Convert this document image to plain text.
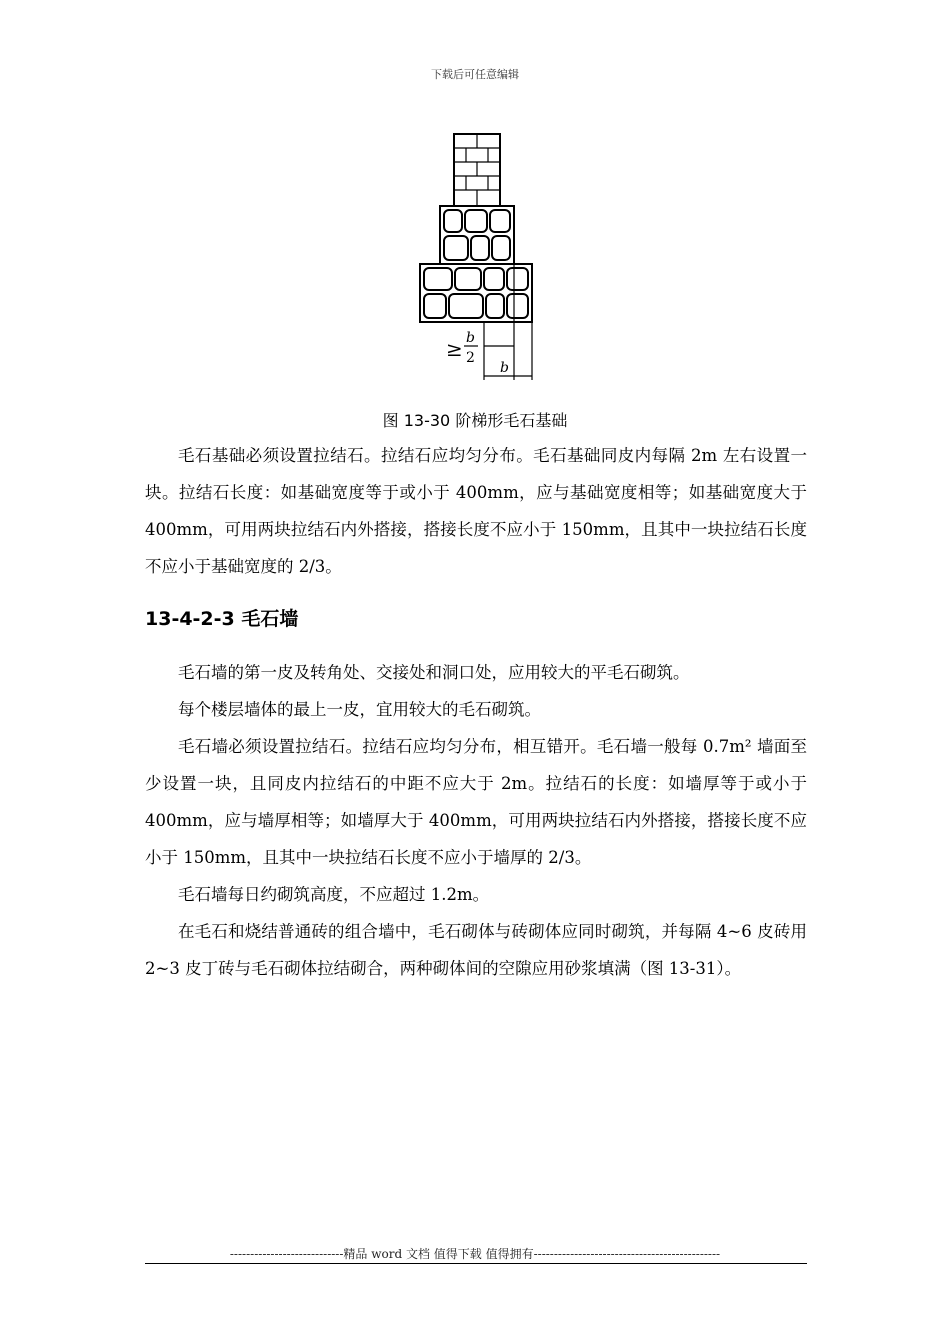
下载后可任意编辑
≥ b
2
b
图 13-30 阶梯形毛石基础

毛石基础必须设置拉结石。拉结石应均匀分布。毛石基础同皮内每隔 2m 左右设置一块。拉结石长度：如基础宽度等于或小于 400mm，应与基础宽度相等；如基础宽度大于 400mm，可用两块拉结石内外搭接，搭接长度不应小于 150mm，且其中一块拉结石长度不应小于基础宽度的 2/3。

13-4-2-3 毛石墙

毛石墙的第一皮及转角处、交接处和洞口处，应用较大的平毛石砌筑。

每个楼层墙体的最上一皮，宜用较大的毛石砌筑。

毛石墙必须设置拉结石。拉结石应均匀分布，相互错开。毛石墙一般每 0.7m² 墙面至少设置一块，且同皮内拉结石的中距不应大于 2m。拉结石的长度：如墙厚等于或小于 400mm，应与墙厚相等；如墙厚大于 400mm，可用两块拉结石内外搭接，搭接长度不应小于 150mm，且其中一块拉结石长度不应小于墙厚的 2/3。

毛石墙每日约砌筑高度，不应超过 1.2m。

在毛石和烧结普通砖的组合墙中，毛石砌体与砖砌体应同时砌筑，并每隔 4~6 皮砖用 2~3 皮丁砖与毛石砌体拉结砌合，两种砌体间的空隙应用砂浆填满（图 13-31）。

----------------------------精品 word 文档 值得下载 值得拥有----------------------------------------------
